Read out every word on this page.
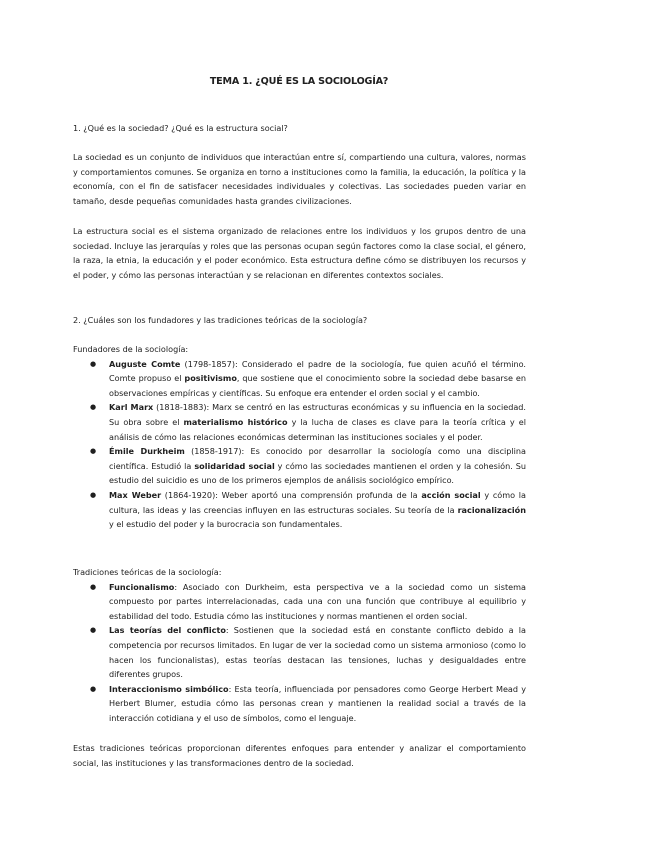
TEMA 1. ¿QUÉ ES LA SOCIOLOGÍA?

1. ¿Qué es la sociedad? ¿Qué es la estructura social?

La sociedad es un conjunto de individuos que interactúan entre sí, compartiendo una cultura, valores, normas y comportamientos comunes. Se organiza en torno a instituciones como la familia, la educación, la política y la economía, con el fin de satisfacer necesidades individuales y colectivas. Las sociedades pueden variar en tamaño, desde pequeñas comunidades hasta grandes civilizaciones.

La estructura social es el sistema organizado de relaciones entre los individuos y los grupos dentro de una sociedad. Incluye las jerarquías y roles que las personas ocupan según factores como la clase social, el género, la raza, la etnia, la educación y el poder económico. Esta estructura define cómo se distribuyen los recursos y el poder, y cómo las personas interactúan y se relacionan en diferentes contextos sociales.

2. ¿Cuáles son los fundadores y las tradiciones teóricas de la sociología?

Fundadores de la sociología:

● Auguste Comte (1798-1857): Considerado el padre de la sociología, fue quien acuñó el término. Comte propuso el positivismo, que sostiene que el conocimiento sobre la sociedad debe basarse en observaciones empíricas y científicas. Su enfoque era entender el orden social y el cambio.
● Karl Marx (1818-1883): Marx se centró en las estructuras económicas y su influencia en la sociedad. Su obra sobre el materialismo histórico y la lucha de clases es clave para la teoría crítica y el análisis de cómo las relaciones económicas determinan las instituciones sociales y el poder.
● Émile Durkheim (1858-1917): Es conocido por desarrollar la sociología como una disciplina científica. Estudió la solidaridad social y cómo las sociedades mantienen el orden y la cohesión. Su estudio del suicidio es uno de los primeros ejemplos de análisis sociológico empírico.
● Max Weber (1864-1920): Weber aportó una comprensión profunda de la acción social y cómo la cultura, las ideas y las creencias influyen en las estructuras sociales. Su teoría de la racionalización y el estudio del poder y la burocracia son fundamentales.

Tradiciones teóricas de la sociología:

● Funcionalismo: Asociado con Durkheim, esta perspectiva ve a la sociedad como un sistema compuesto por partes interrelacionadas, cada una con una función que contribuye al equilibrio y estabilidad del todo. Estudia cómo las instituciones y normas mantienen el orden social.
● Las teorías del conflicto: Sostienen que la sociedad está en constante conflicto debido a la competencia por recursos limitados. En lugar de ver la sociedad como un sistema armonioso (como lo hacen los funcionalistas), estas teorías destacan las tensiones, luchas y desigualdades entre diferentes grupos.
● Interaccionismo simbólico: Esta teoría, influenciada por pensadores como George Herbert Mead y Herbert Blumer, estudia cómo las personas crean y mantienen la realidad social a través de la interacción cotidiana y el uso de símbolos, como el lenguaje.

Estas tradiciones teóricas proporcionan diferentes enfoques para entender y analizar el comportamiento social, las instituciones y las transformaciones dentro de la sociedad.
